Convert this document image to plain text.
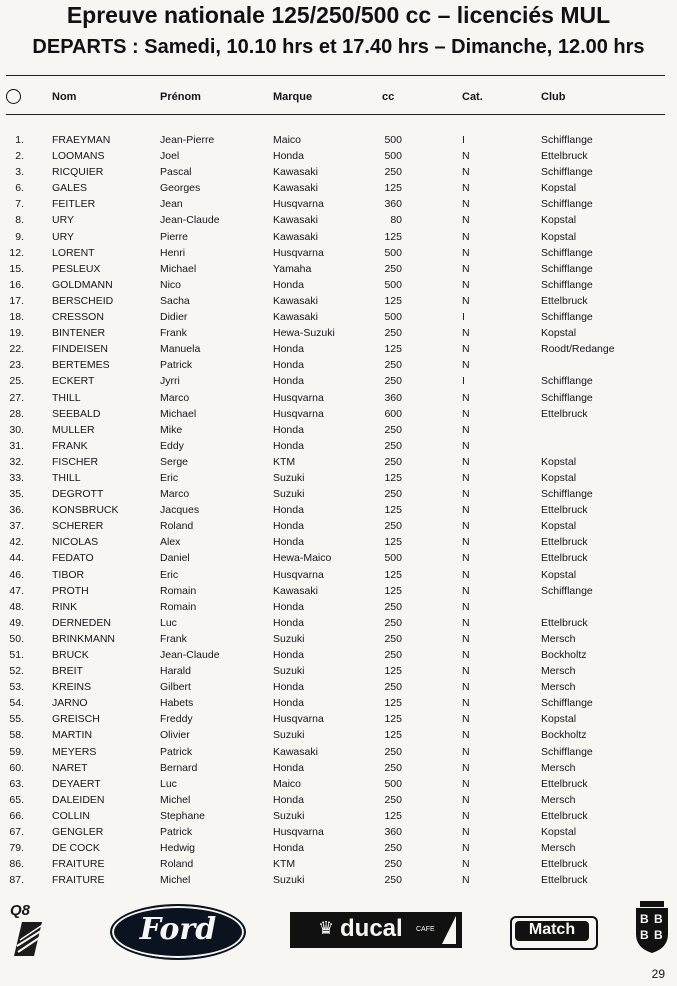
Epreuve nationale 125/250/500 cc – licenciés MUL
DEPARTS : Samedi, 10.10 hrs et 17.40 hrs – Dimanche, 12.00 hrs
Nom	Prénom	Marque	cc	Cat.	Club
1.	FRAEYMAN	Jean-Pierre	Maico	500	I	Schifflange
2.	LOOMANS	Joel	Honda	500	N	Ettelbruck
3.	RICQUIER	Pascal	Kawasaki	250	N	Schifflange
6.	GALES	Georges	Kawasaki	125	N	Kopstal
7.	FEITLER	Jean	Husqvarna	360	N	Schifflange
8.	URY	Jean-Claude	Kawasaki	80	N	Kopstal
9.	URY	Pierre	Kawasaki	125	N	Kopstal
12.	LORENT	Henri	Husqvarna	500	N	Schifflange
15.	PESLEUX	Michael	Yamaha	250	N	Schifflange
16.	GOLDMANN	Nico	Honda	500	N	Schifflange
17.	BERSCHEID	Sacha	Kawasaki	125	N	Ettelbruck
18.	CRESSON	Didier	Kawasaki	500	I	Schifflange
19.	BINTENER	Frank	Hewa-Suzuki	250	N	Kopstal
22.	FINDEISEN	Manuela	Honda	125	N	Roodt/Redange
23.	BERTEMES	Patrick	Honda	250	N
25.	ECKERT	Jyrri	Honda	250	I	Schifflange
27.	THILL	Marco	Husqvarna	360	N	Schifflange
28.	SEEBALD	Michael	Husqvarna	600	N	Ettelbruck
30.	MULLER	Mike	Honda	250	N
31.	FRANK	Eddy	Honda	250	N
32.	FISCHER	Serge	KTM	250	N	Kopstal
33.	THILL	Eric	Suzuki	125	N	Kopstal
35.	DEGROTT	Marco	Suzuki	250	N	Schifflange
36.	KONSBRUCK	Jacques	Honda	125	N	Ettelbruck
37.	SCHERER	Roland	Honda	250	N	Kopstal
42.	NICOLAS	Alex	Honda	125	N	Ettelbruck
44.	FEDATO	Daniel	Hewa-Maico	500	N	Ettelbruck
46.	TIBOR	Eric	Husqvarna	125	N	Kopstal
47.	PROTH	Romain	Kawasaki	125	N	Schifflange
48.	RINK	Romain	Honda	250	N
49.	DERNEDEN	Luc	Honda	250	N	Ettelbruck
50.	BRINKMANN	Frank	Suzuki	250	N	Mersch
51.	BRUCK	Jean-Claude	Honda	250	N	Bockholtz
52.	BREIT	Harald	Suzuki	125	N	Mersch
53.	KREINS	Gilbert	Honda	250	N	Mersch
54.	JARNO	Habets	Honda	125	N	Schifflange
55.	GREISCH	Freddy	Husqvarna	125	N	Kopstal
58.	MARTIN	Olivier	Suzuki	125	N	Bockholtz
59.	MEYERS	Patrick	Kawasaki	250	N	Schifflange
60.	NARET	Bernard	Honda	250	N	Mersch
63.	DEYAERT	Luc	Maico	500	N	Ettelbruck
65.	DALEIDEN	Michel	Honda	250	N	Mersch
66.	COLLIN	Stephane	Suzuki	125	N	Ettelbruck
67.	GENGLER	Patrick	Husqvarna	360	N	Kopstal
79.	DE COCK	Hedwig	Honda	250	N	Mersch
86.	FRAITURE	Roland	KTM	250	N	Ettelbruck
87.	FRAITURE	Michel	Suzuki	250	N	Ettelbruck
Q8
Ford	♛ ducal CAFE	Match
B B
B B
29
